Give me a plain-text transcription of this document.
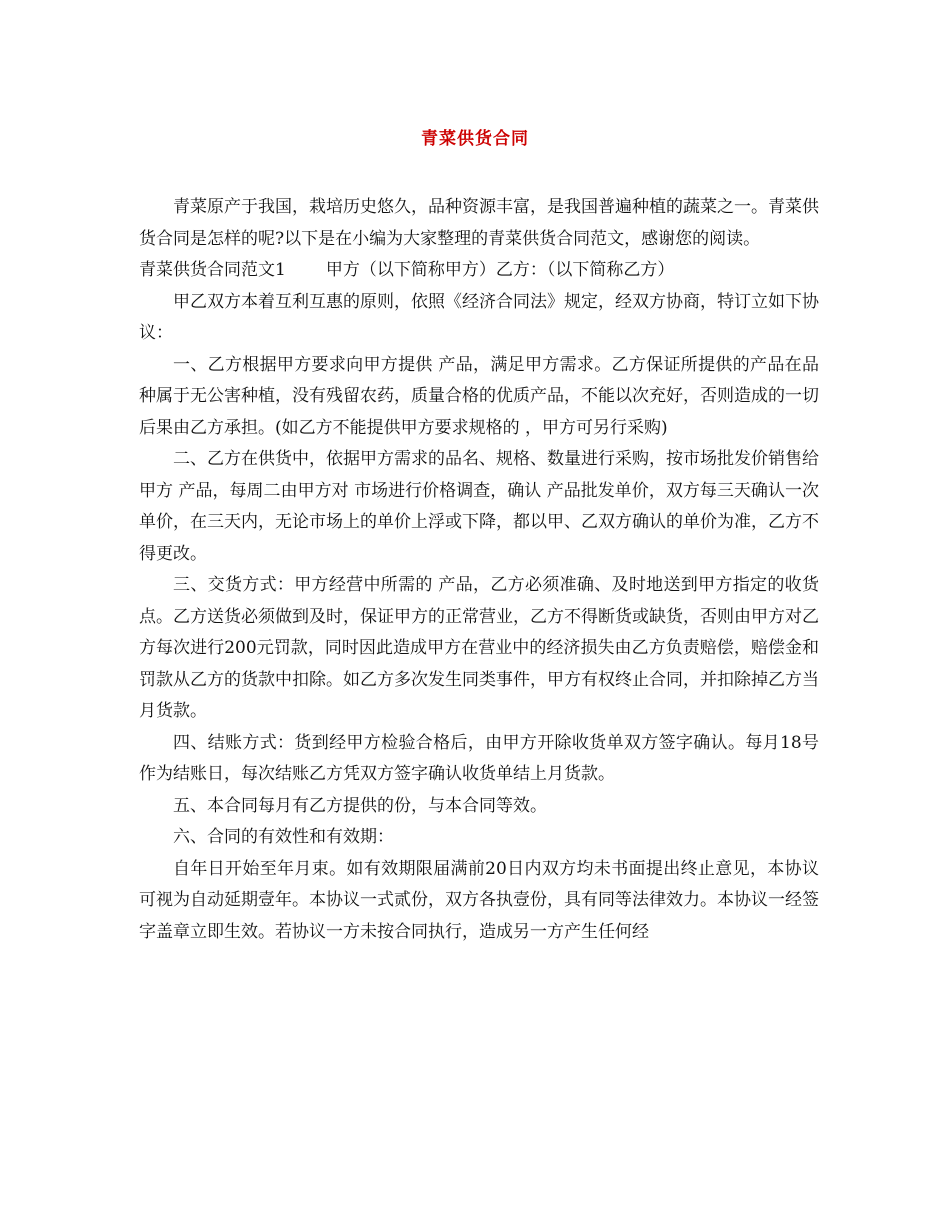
青菜供货合同

青菜原产于我国，栽培历史悠久，品种资源丰富，是我国普遍种植的蔬菜之一。青菜供货合同是怎样的呢?以下是在小编为大家整理的青菜供货合同范文，感谢您的阅读。

青菜供货合同范文1 甲方（以下简称甲方）乙方：（以下简称乙方）

甲乙双方本着互利互惠的原则，依照《经济合同法》规定，经双方协商，特订立如下协议：

一、乙方根据甲方要求向甲方提供 产品，满足甲方需求。乙方保证所提供的产品在品种属于无公害种植，没有残留农药，质量合格的优质产品，不能以次充好，否则造成的一切后果由乙方承担。(如乙方不能提供甲方要求规格的 ，甲方可另行采购)

二、乙方在供货中，依据甲方需求的品名、规格、数量进行采购，按市场批发价销售给甲方 产品，每周二由甲方对 市场进行价格调查，确认 产品批发单价，双方每三天确认一次单价，在三天内，无论市场上的单价上浮或下降，都以甲、乙双方确认的单价为准，乙方不得更改。

三、交货方式：甲方经营中所需的 产品，乙方必须准确、及时地送到甲方指定的收货点。乙方送货必须做到及时，保证甲方的正常营业，乙方不得断货或缺货，否则由甲方对乙方每次进行200元罚款，同时因此造成甲方在营业中的经济损失由乙方负责赔偿，赔偿金和罚款从乙方的货款中扣除。如乙方多次发生同类事件，甲方有权终止合同，并扣除掉乙方当月货款。

四、结账方式：货到经甲方检验合格后，由甲方开除收货单双方签字确认。每月18号作为结账日，每次结账乙方凭双方签字确认收货单结上月货款。

五、本合同每月有乙方提供的份，与本合同等效。

六、合同的有效性和有效期：

自年日开始至年月束。如有效期限届满前20日内双方均未书面提出终止意见，本协议可视为自动延期壹年。本协议一式贰份，双方各执壹份，具有同等法律效力。本协议一经签字盖章立即生效。若协议一方未按合同执行，造成另一方产生任何经
